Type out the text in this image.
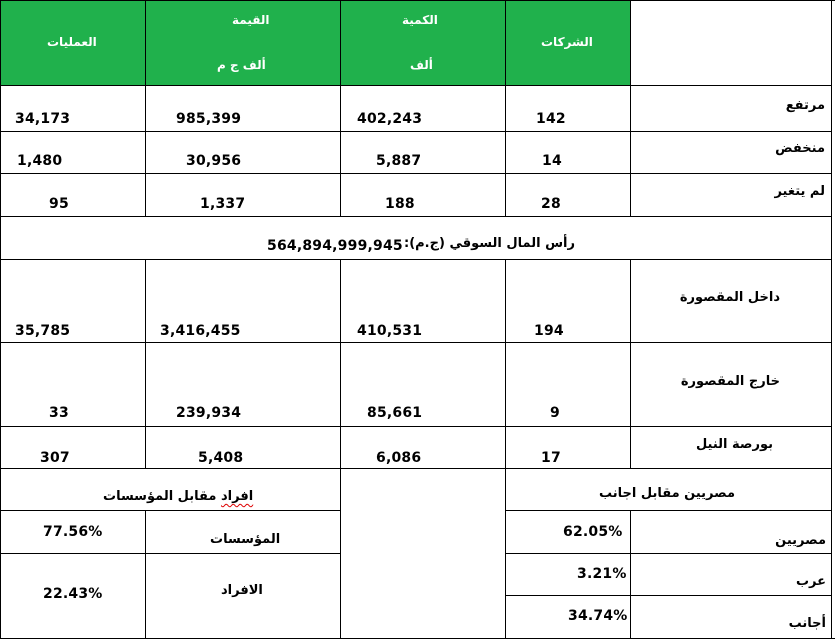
العمليات
القيمة
ألف ج م
الكمية
ألف
الشركات
مرتفع
142
402,243
985,399
34,173
منخفض
14
5,887
30,956
1,480
لم يتغير
28
188
1,337
95
رأس المال السوقي (ج.م):
564,894,999,945
داخل المقصورة
194
410,531
3,416,455
35,785
خارج المقصورة
9
85,661
239,934
33
بورصة النيل
17
6,086
5,408
307
مصريين مقابل اجانب
مصريين
62.05%
عرب
3.21%
أجانب
34.74%
افراد مقابل المؤسسات
المؤسسات
77.56%
الافراد
22.43%
